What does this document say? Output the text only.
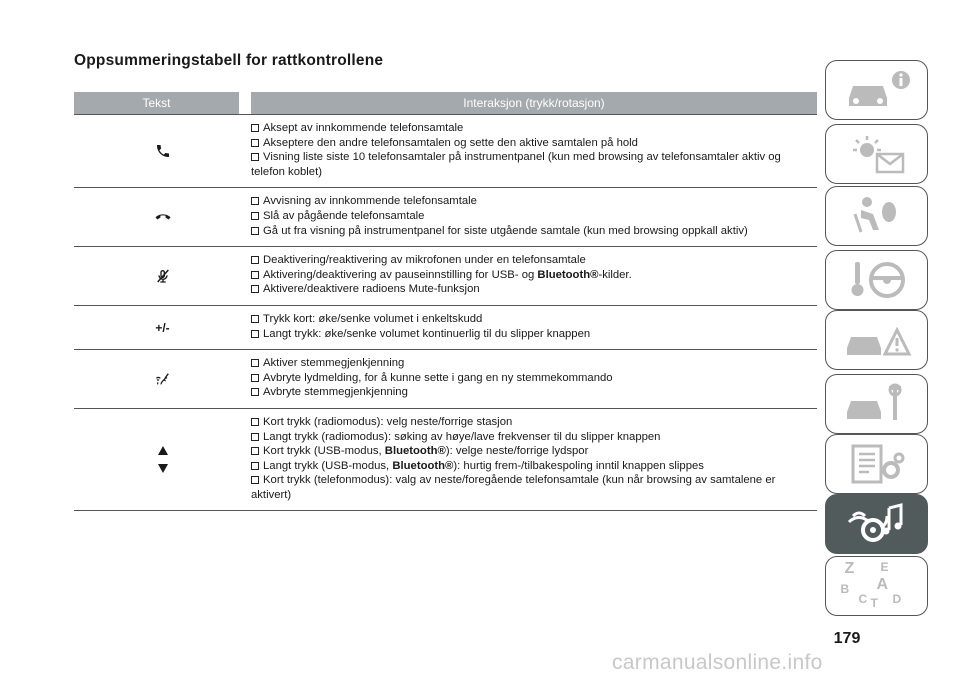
Oppsummeringstabell for rattkontrollene
Tekst	Interaksjon (trykk/rotasjon)
Aksept av innkommende telefonsamtale
Akseptere den andre telefonsamtalen og sette den aktive samtalen på hold
Visning liste siste 10 telefonsamtaler på instrumentpanel (kun med browsing av telefonsamtaler aktiv og telefon koblet)
Avvisning av innkommende telefonsamtale
Slå av pågående telefonsamtale
Gå ut fra visning på instrumentpanel for siste utgående samtale (kun med browsing oppkall aktiv)
Deaktivering/reaktivering av mikrofonen under en telefonsamtale
Aktivering/deaktivering av pauseinnstilling for USB- og Bluetooth®-kilder.
Aktivere/deaktivere radioens Mute-funksjon
+/-
Trykk kort: øke/senke volumet i enkeltskudd
Langt trykk: øke/senke volumet kontinuerlig til du slipper knappen
Aktiver stemmegjenkjenning
Avbryte lydmelding, for å kunne sette i gang en ny stemmekommando
Avbryte stemmegjenkjenning
Kort trykk (radiomodus): velg neste/forrige stasjon
Langt trykk (radiomodus): søking av høye/lave frekvenser til du slipper knappen
Kort trykk (USB-modus, Bluetooth®): velge neste/forrige lydspor
Langt trykk (USB-modus, Bluetooth®): hurtig frem-/tilbakespoling inntil knappen slippes
Kort trykk (telefonmodus): valg av neste/foregående telefonsamtale (kun når browsing av samtalene er aktivert)
Z E
A
B
C T D
179
carmanualsonline.info
